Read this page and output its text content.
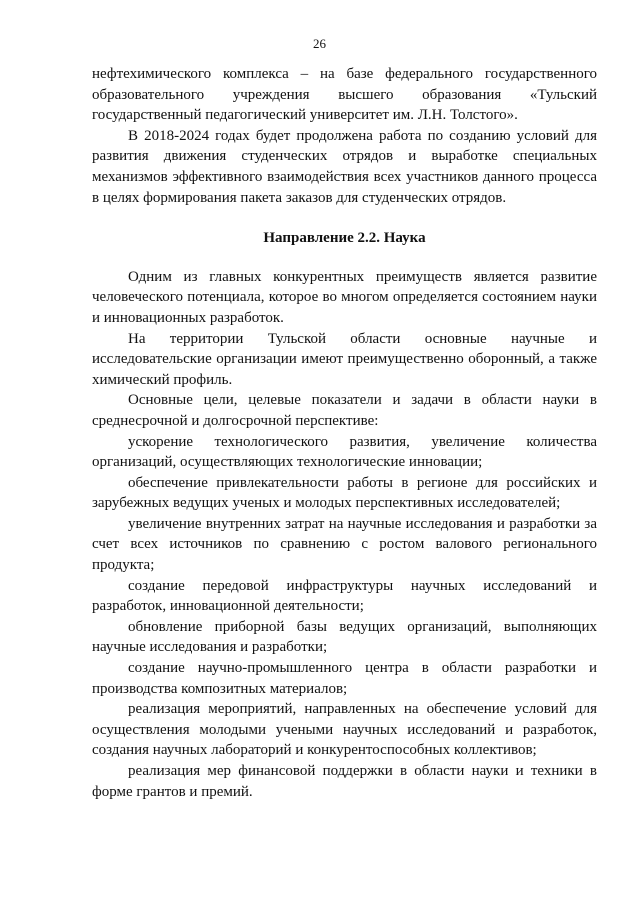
26

нефтехимического комплекса – на базе федерального государственного образовательного учреждения высшего образования «Тульский государственный педагогический университет им. Л.Н. Толстого».

В 2018-2024 годах будет продолжена работа по созданию условий для развития движения студенческих отрядов и выработке специальных механизмов эффективного взаимодействия всех участников данного процесса в целях формирования пакета заказов для студенческих отрядов.

Направление 2.2. Наука

Одним из главных конкурентных преимуществ является развитие человеческого потенциала, которое во многом определяется состоянием науки и инновационных разработок.

На территории Тульской области основные научные и исследовательские организации имеют преимущественно оборонный, а также химический профиль.

Основные цели, целевые показатели и задачи в области науки в среднесрочной и долгосрочной перспективе:

ускорение технологического развития, увеличение количества организаций, осуществляющих технологические инновации;

обеспечение привлекательности работы в регионе для российских и зарубежных ведущих ученых и молодых перспективных исследователей;

увеличение внутренних затрат на научные исследования и разработки за счет всех источников по сравнению с ростом валового регионального продукта;

создание передовой инфраструктуры научных исследований и разработок, инновационной деятельности;

обновление приборной базы ведущих организаций, выполняющих научные исследования и разработки;

создание научно-промышленного центра в области разработки и производства композитных материалов;

реализация мероприятий, направленных на обеспечение условий для осуществления молодыми учеными научных исследований и разработок, создания научных лабораторий и конкурентоспособных коллективов;

реализация мер финансовой поддержки в области науки и техники в форме грантов и премий.
